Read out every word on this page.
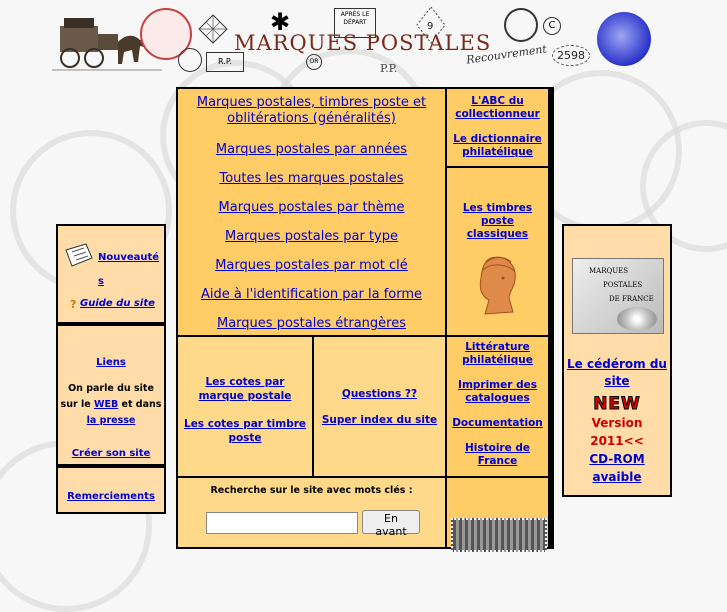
✱	APRÈS LE DÉPART	9	C
R.P.
MARQUES POSTALES
OR
P.P.
Recouvrement 2598
Marques postales, timbres poste et oblitérations (généralités)
Marques postales par années
Toutes les marques postales
Marques postales par thème
Marques postales par type
Marques postales par mot clé
Aide à l'identification par la forme
Marques postales étrangères
L'ABC du collectionneur
Le dictionnaire philatélique
Les timbres poste classiques
Les cotes par marque postale
Les cotes par timbre poste
Questions ??
Super index du site
Littérature philatélique
Imprimer des catalogues
Documentation
Histoire de France
Recherche sur le site avec mots clés :
En avant
Nouveauté
s
? Guide du site
Liens
On parle du site
sur le WEB et dans
la presse
Créer son site
Remerciements
MARQUES
POSTALES
DE FRANCE
Le cédérom du site
NEW
Version 2011<<
CD-ROM avaible
